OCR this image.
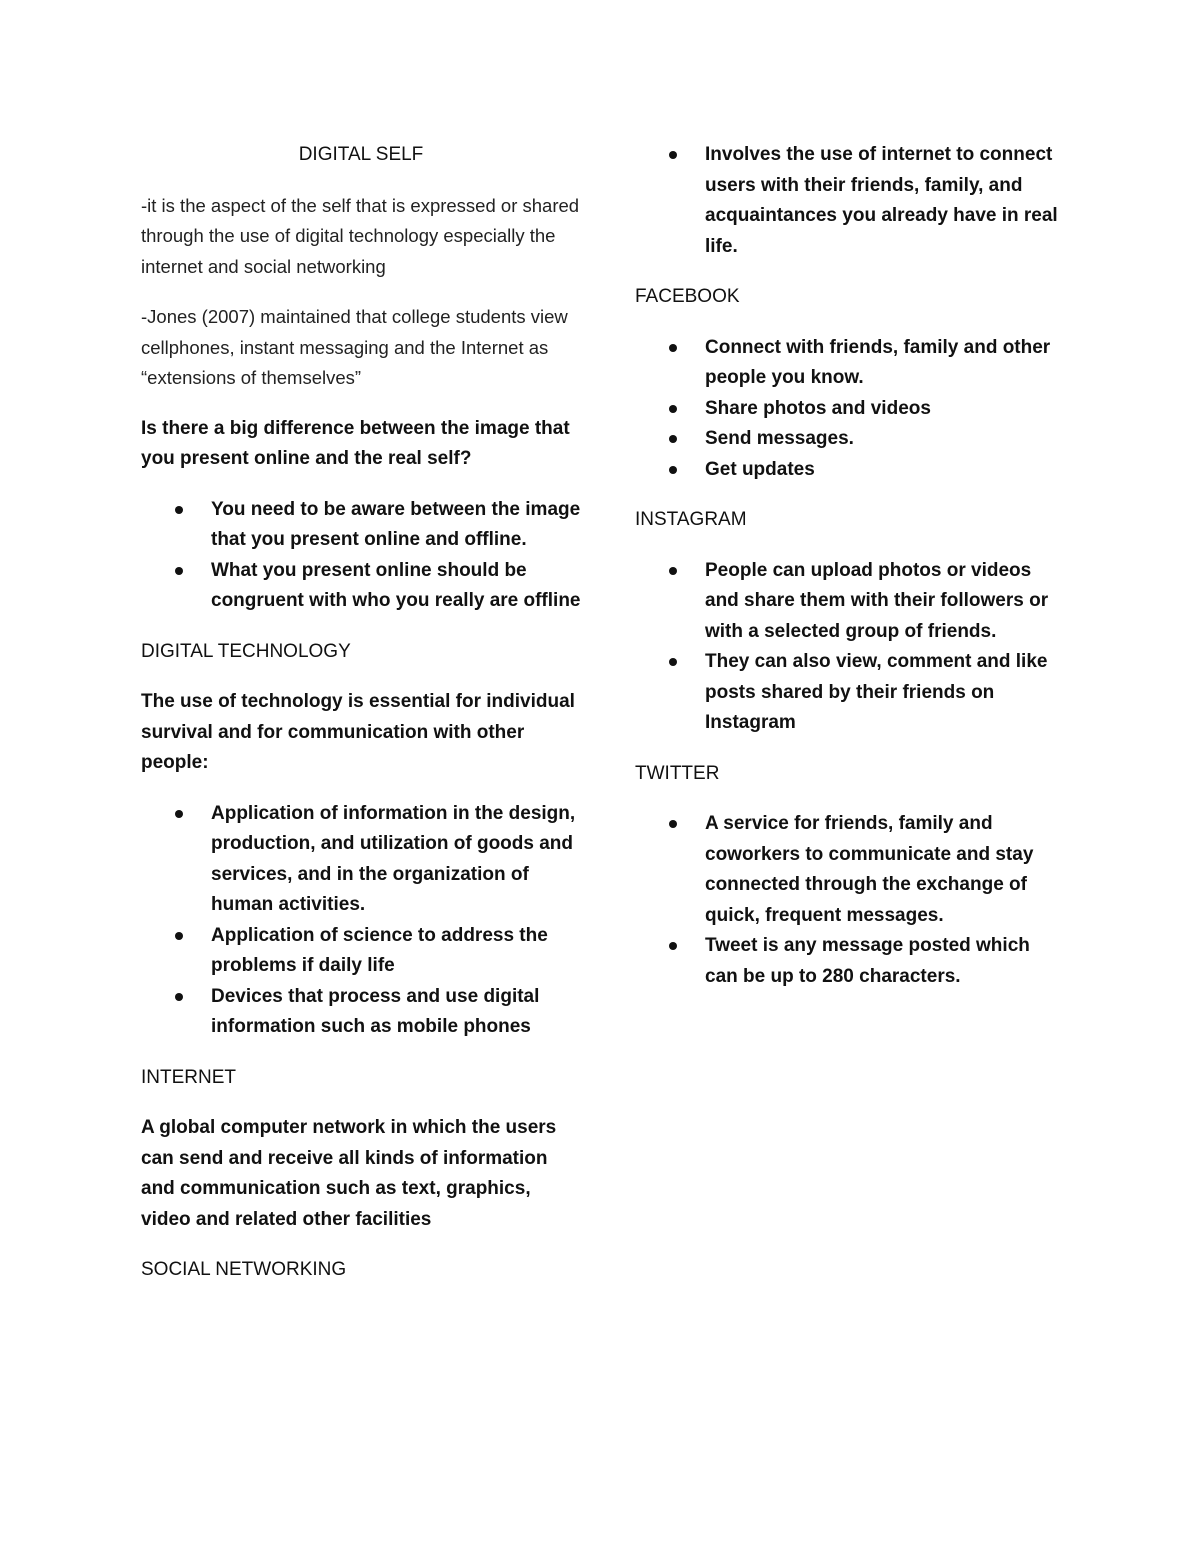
DIGITAL SELF

-it is the aspect of the self that is expressed or shared through the use of digital technology especially the internet and social networking

-Jones (2007) maintained that college students view cellphones, instant messaging and the Internet as “extensions of themselves”

Is there a big difference between the image that you present online and the real self?

You need to be aware between the image that you present online and offline.
What you present online should be congruent with who you really are offline
DIGITAL TECHNOLOGY

The use of technology is essential for individual survival and for communication with other people:

Application of information in the design, production, and utilization of goods and services, and in the organization of human activities.
Application of science to address the problems if daily life
Devices that process and use digital information such as mobile phones
INTERNET

A global computer network in which the users can send and receive all kinds of information and communication such as text, graphics, video and related other facilities

SOCIAL NETWORKING
Involves the use of internet to connect users with their friends, family, and acquaintances you already have in real life.
FACEBOOK
Connect with friends, family and other people you know.
Share photos and videos
Send messages.
Get updates
INSTAGRAM
People can upload photos or videos and share them with their followers or with a selected group of friends.
They can also view, comment and like posts shared by their friends on Instagram
TWITTER
A service for friends, family and coworkers to communicate and stay connected through the exchange of quick, frequent messages.
Tweet is any message posted which can be up to 280 characters.
